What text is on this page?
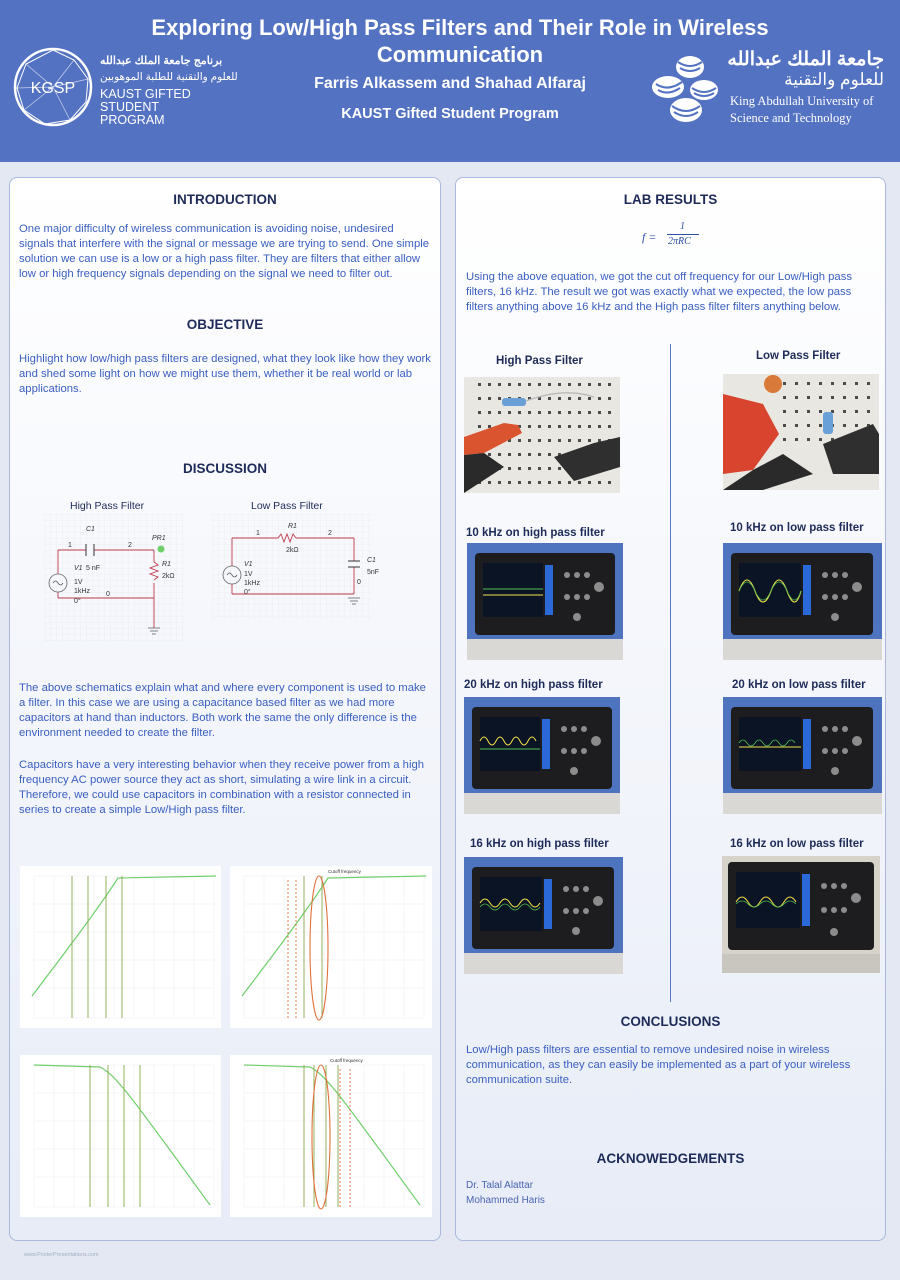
KGSP
برنامج جامعة الملك عبدالله
للعلوم والتقنية للطلبة الموهوبين
KAUST GIFTED STUDENT PROGRAM
Exploring Low/High Pass Filters and Their Role in Wireless Communication
Farris Alkassem and Shahad Alfaraj
KAUST Gifted Student Program
جامعة الملك عبدالله
للعلوم والتقنية
King Abdullah University of
Science and Technology
INTRODUCTION
One major difficulty of wireless communication is avoiding noise, undesired signals that interfere with the signal or message we are trying to send. One simple solution we can use is a low or a high pass filter. They are filters that either allow low or high frequency signals depending on the signal we need to filter out.
OBJECTIVE
Highlight how low/high pass filters are designed, what they look like how they work and shed some light on how we might use them, whether it be real world or lab applications.
DISCUSSION
High Pass Filter	Low Pass Filter
1	2
C1
PR1
R1
2kΩ
V1 5 nF
1V
1kHz
0°
0
1	2
R1
2kΩ
C1
5nF
V1
1V
1kHz
0°
0
The above schematics explain what and where every component is used to make a filter. In this case we are using a capacitance based filter as we had more capacitors at hand than inductors. Both work the same the only difference is the environment needed to create the filter.
Capacitors have a very interesting behavior when they receive power from a high frequency AC power source they act as short, simulating a wire link in a circuit. Therefore, we could use capacitors in combination with a resistor connected in series to create a simple Low/High pass filter.
Cutoff frequency
Cutoff frequency
LAB RESULTS
f =
1
2πRC
Using the above equation, we got the cut off frequency for our Low/High pass filters, 16 kHz. The result we got was exactly what we expected, the low pass filters anything above 16 kHz and the High pass filter filters anything below.
High Pass Filter	Low Pass Filter
10 kHz on high pass filter	10 kHz on low pass filter
20 kHz on high pass filter	20 kHz on low pass filter
16 kHz on high pass filter	16 kHz on low pass filter
CONCLUSIONS
Low/High pass filters are essential to remove undesired noise in wireless communication, as they can easily be implemented as a part of your wireless communication suite.
ACKNOWEDGEMENTS
Dr. Talal Alattar
Mohammed Haris
www.PosterPresentations.com
